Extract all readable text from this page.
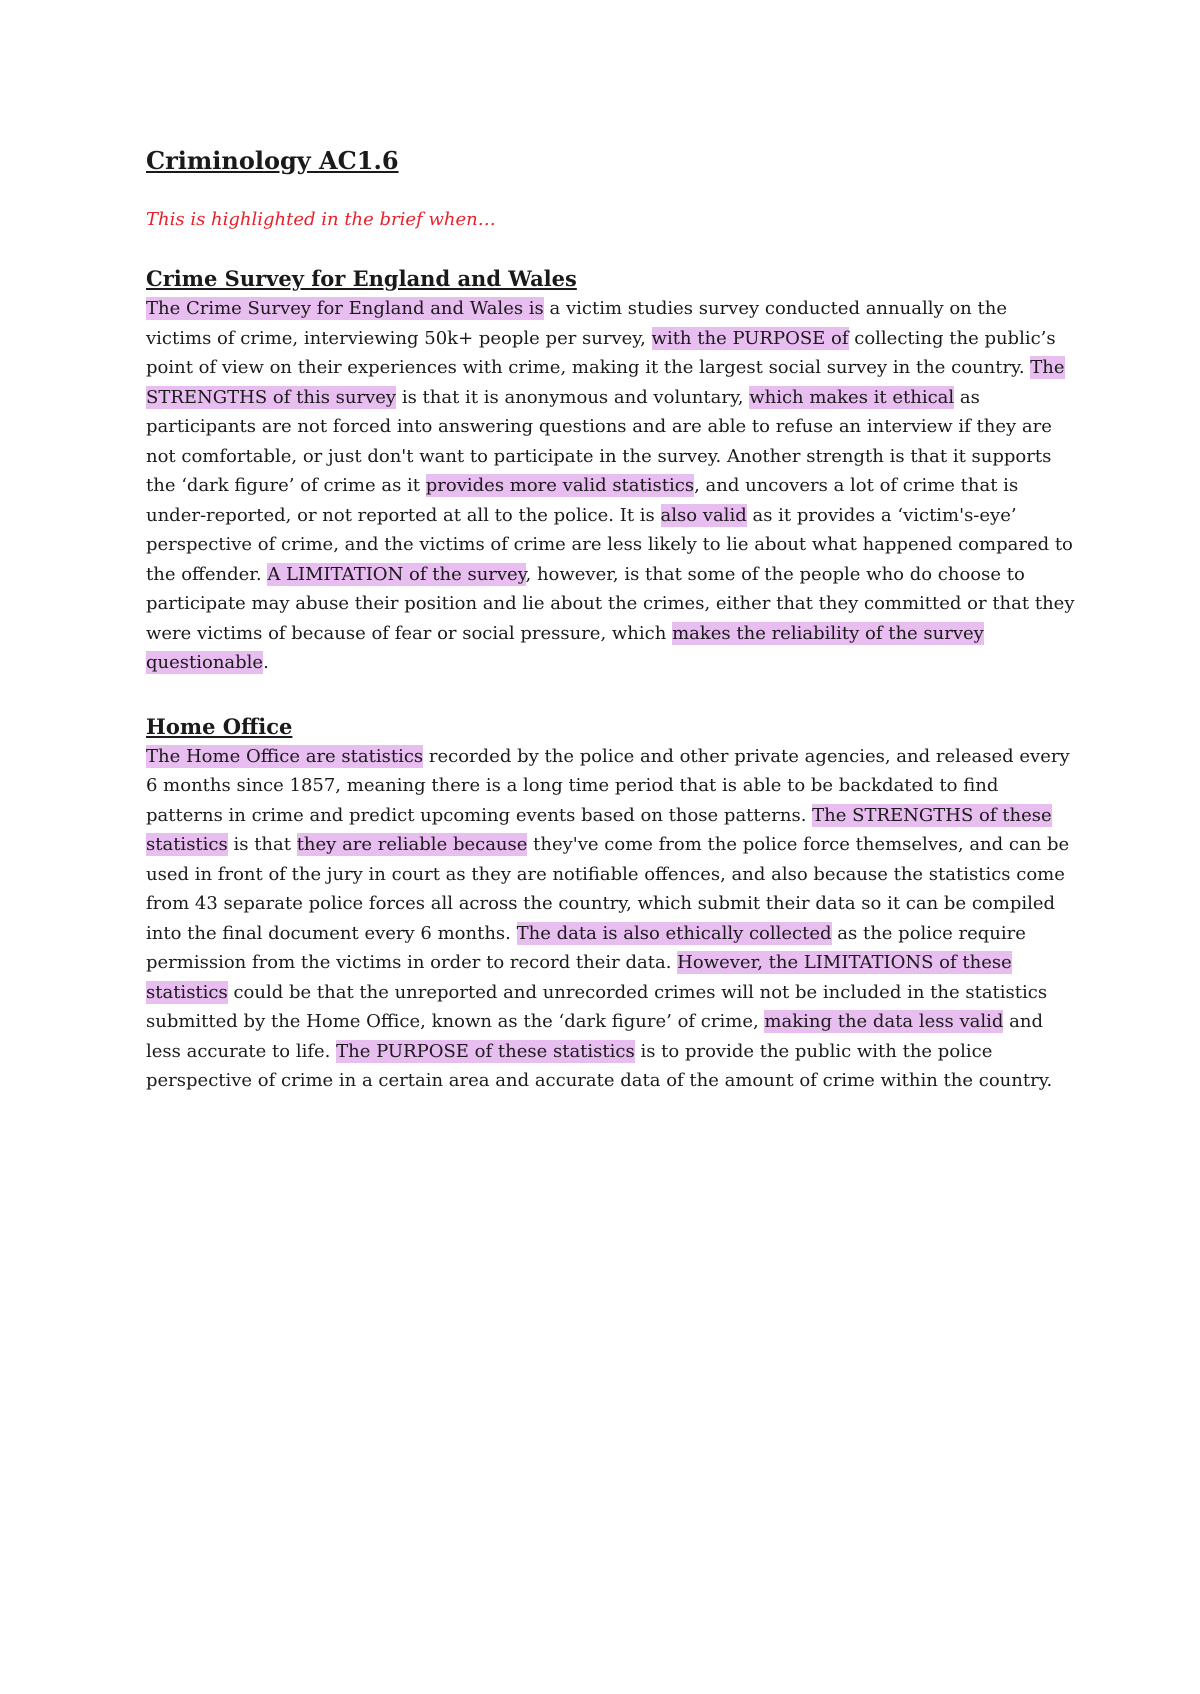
Criminology AC1.6

This is highlighted in the brief when…

Crime Survey for England and Wales

The Crime Survey for England and Wales is a victim studies survey conducted annually on the victims of crime, interviewing 50k+ people per survey, with the PURPOSE of collecting the public’s point of view on their experiences with crime, making it the largest social survey in the country. The STRENGTHS of this survey is that it is anonymous and voluntary, which makes it ethical as participants are not forced into answering questions and are able to refuse an interview if they are not comfortable, or just don't want to participate in the survey. Another strength is that it supports the ‘dark figure’ of crime as it provides more valid statistics, and uncovers a lot of crime that is under-reported, or not reported at all to the police. It is also valid as it provides a ‘victim's-eye’ perspective of crime, and the victims of crime are less likely to lie about what happened compared to the offender. A LIMITATION of the survey, however, is that some of the people who do choose to participate may abuse their position and lie about the crimes, either that they committed or that they were victims of because of fear or social pressure, which makes the reliability of the survey questionable.

Home Office

The Home Office are statistics recorded by the police and other private agencies, and released every 6 months since 1857, meaning there is a long time period that is able to be backdated to find patterns in crime and predict upcoming events based on those patterns. The STRENGTHS of these statistics is that they are reliable because they've come from the police force themselves, and can be used in front of the jury in court as they are notifiable offences, and also because the statistics come from 43 separate police forces all across the country, which submit their data so it can be compiled into the final document every 6 months. The data is also ethically collected as the police require permission from the victims in order to record their data. However, the LIMITATIONS of these statistics could be that the unreported and unrecorded crimes will not be included in the statistics submitted by the Home Office, known as the ‘dark figure’ of crime, making the data less valid and less accurate to life. The PURPOSE of these statistics is to provide the public with the police perspective of crime in a certain area and accurate data of the amount of crime within the country.
